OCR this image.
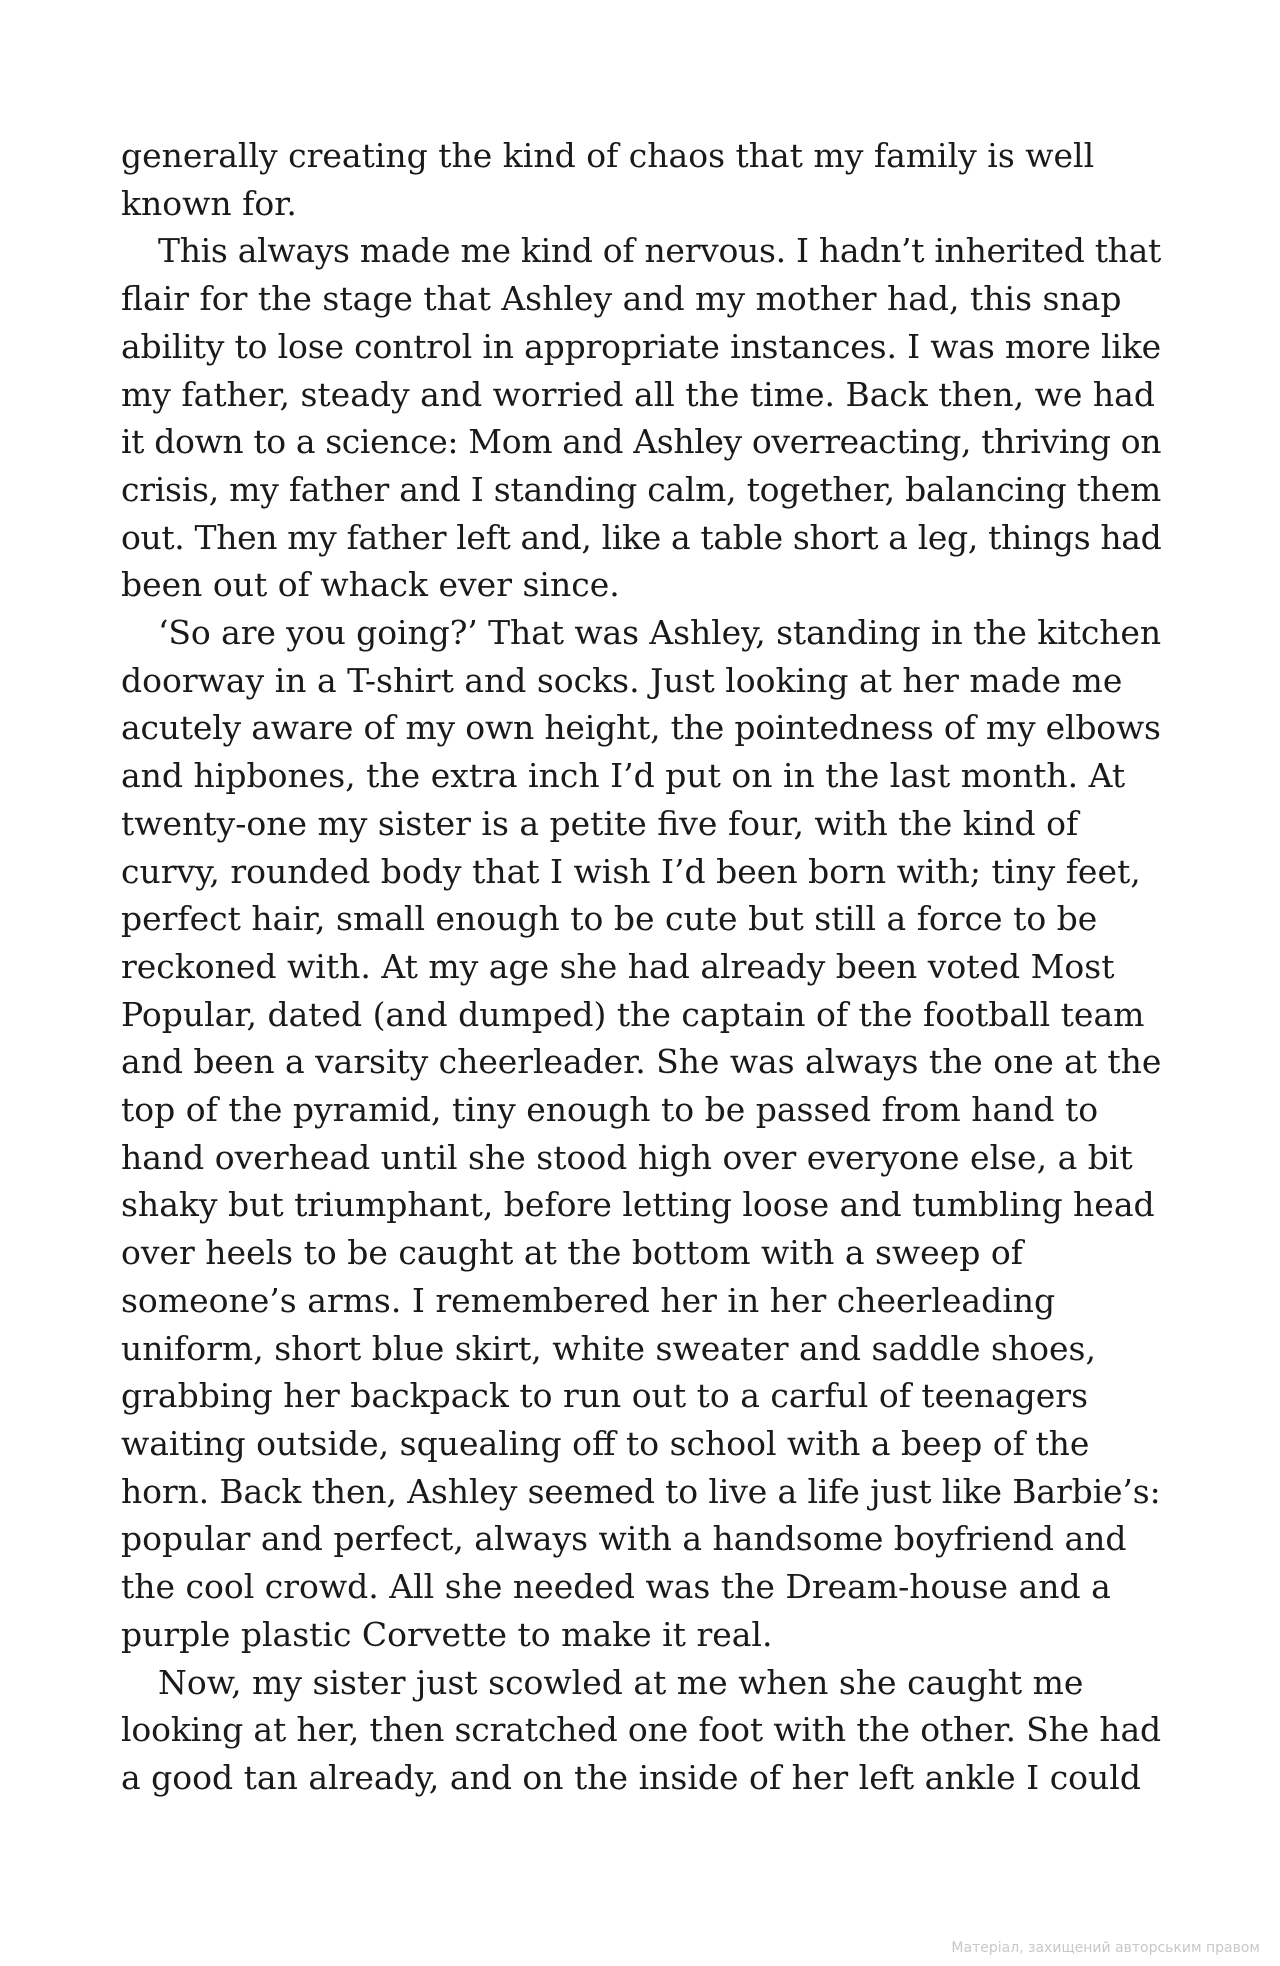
generally creating the kind of chaos that my family is well
known for.
This always made me kind of nervous. I hadn’t inherited that
flair for the stage that Ashley and my mother had, this snap
ability to lose control in appropriate instances. I was more like
my father, steady and worried all the time. Back then, we had
it down to a science: Mom and Ashley overreacting, thriving on
crisis, my father and I standing calm, together, balancing them
out. Then my father left and, like a table short a leg, things had
been out of whack ever since.
‘So are you going?’ That was Ashley, standing in the kitchen
doorway in a T-shirt and socks. Just looking at her made me
acutely aware of my own height, the pointedness of my elbows
and hipbones, the extra inch I’d put on in the last month. At
twenty-one my sister is a petite five four, with the kind of
curvy, rounded body that I wish I’d been born with; tiny feet,
perfect hair, small enough to be cute but still a force to be
reckoned with. At my age she had already been voted Most
Popular, dated (and dumped) the captain of the football team
and been a varsity cheerleader. She was always the one at the
top of the pyramid, tiny enough to be passed from hand to
hand overhead until she stood high over everyone else, a bit
shaky but triumphant, before letting loose and tumbling head
over heels to be caught at the bottom with a sweep of
someone’s arms. I remembered her in her cheerleading
uniform, short blue skirt, white sweater and saddle shoes,
grabbing her backpack to run out to a carful of teenagers
waiting outside, squealing off to school with a beep of the
horn. Back then, Ashley seemed to live a life just like Barbie’s:
popular and perfect, always with a handsome boyfriend and
the cool crowd. All she needed was the Dream-house and a
purple plastic Corvette to make it real.
Now, my sister just scowled at me when she caught me
looking at her, then scratched one foot with the other. She had
a good tan already, and on the inside of her left ankle I could
Матеріал, захищений авторським правом
